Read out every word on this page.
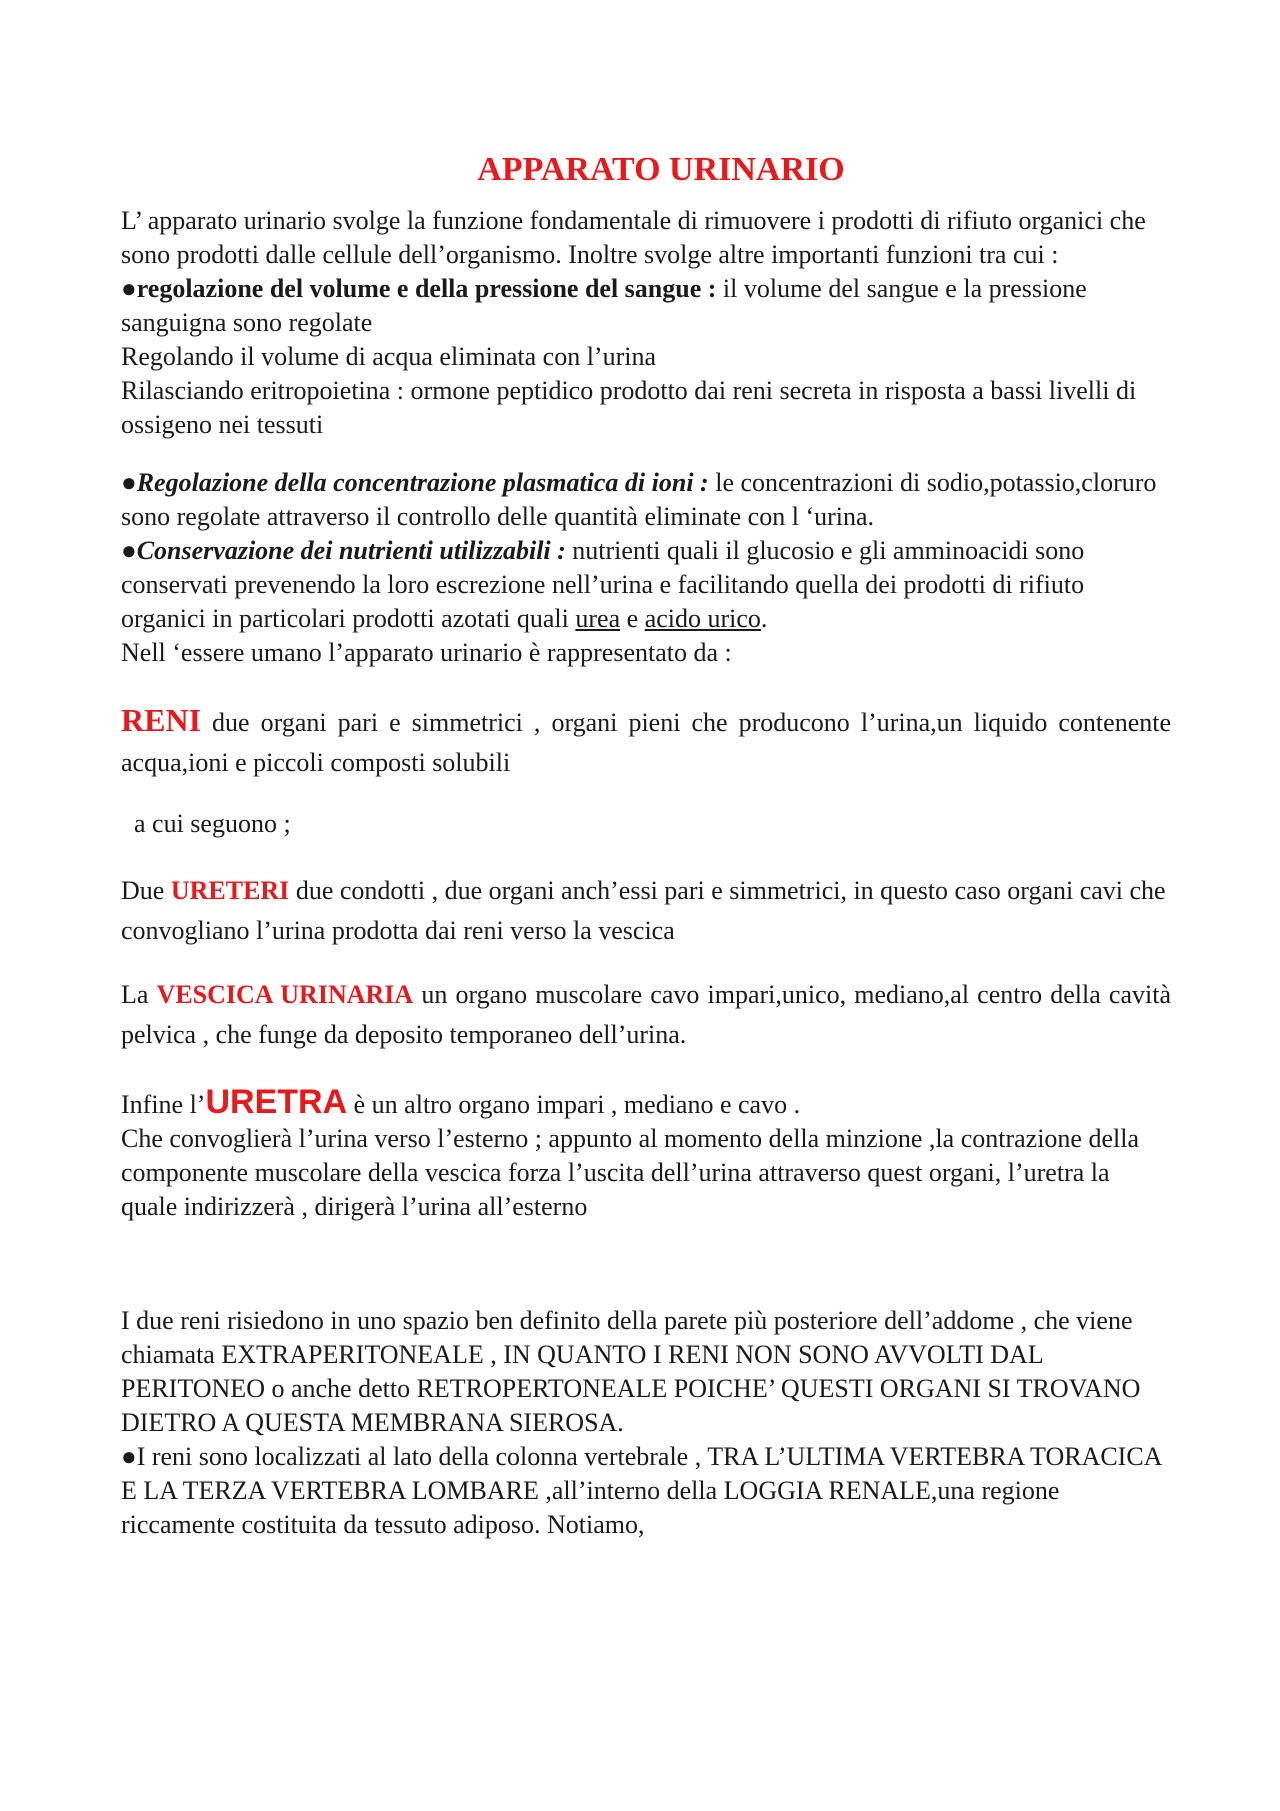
APPARATO URINARIO

L’ apparato urinario svolge la funzione fondamentale di rimuovere i prodotti di rifiuto organici che sono prodotti dalle cellule dell’organismo. Inoltre svolge altre importanti funzioni tra cui :

●regolazione del volume e della pressione del sangue : il volume del sangue e la pressione sanguigna sono regolate

Regolando il volume di acqua eliminata con l’urina

Rilasciando eritropoietina : ormone peptidico prodotto dai reni secreta in risposta a bassi livelli di ossigeno nei tessuti

●Regolazione della concentrazione plasmatica di ioni : le concentrazioni di sodio,potassio,cloruro sono regolate attraverso il controllo delle quantità eliminate con l ‘urina.

●Conservazione dei nutrienti utilizzabili : nutrienti quali il glucosio e gli amminoacidi sono conservati prevenendo la loro escrezione nell’urina e facilitando quella dei prodotti di rifiuto organici in particolari prodotti azotati quali urea e acido urico.

Nell ‘essere umano l’apparato urinario è rappresentato da :

RENI due organi pari e simmetrici , organi pieni che producono l’urina,un liquido contenente acqua,ioni e piccoli composti solubili

a cui seguono ;

Due URETERI due condotti , due organi anch’essi pari e simmetrici, in questo caso organi cavi che convogliano l’urina prodotta dai reni verso la vescica

La VESCICA URINARIA un organo muscolare cavo impari,unico, mediano,al centro della cavità pelvica , che funge da deposito temporaneo dell’urina.

Infine l’URETRA è un altro organo impari , mediano e cavo .

Che convoglierà l’urina verso l’esterno ; appunto al momento della minzione ,la contrazione della componente muscolare della vescica forza l’uscita dell’urina attraverso quest organi, l’uretra la quale indirizzerà , dirigerà l’urina all’esterno

I due reni risiedono in uno spazio ben definito della parete più posteriore dell’addome , che viene chiamata EXTRAPERITONEALE , IN QUANTO I RENI NON SONO AVVOLTI DAL PERITONEO o anche detto RETROPERTONEALE POICHE’ QUESTI ORGANI SI TROVANO DIETRO A QUESTA MEMBRANA SIEROSA.

●I reni sono localizzati al lato della colonna vertebrale , TRA L’ULTIMA VERTEBRA TORACICA E LA TERZA VERTEBRA LOMBARE ,all’interno della LOGGIA RENALE,una regione riccamente costituita da tessuto adiposo. Notiamo,
